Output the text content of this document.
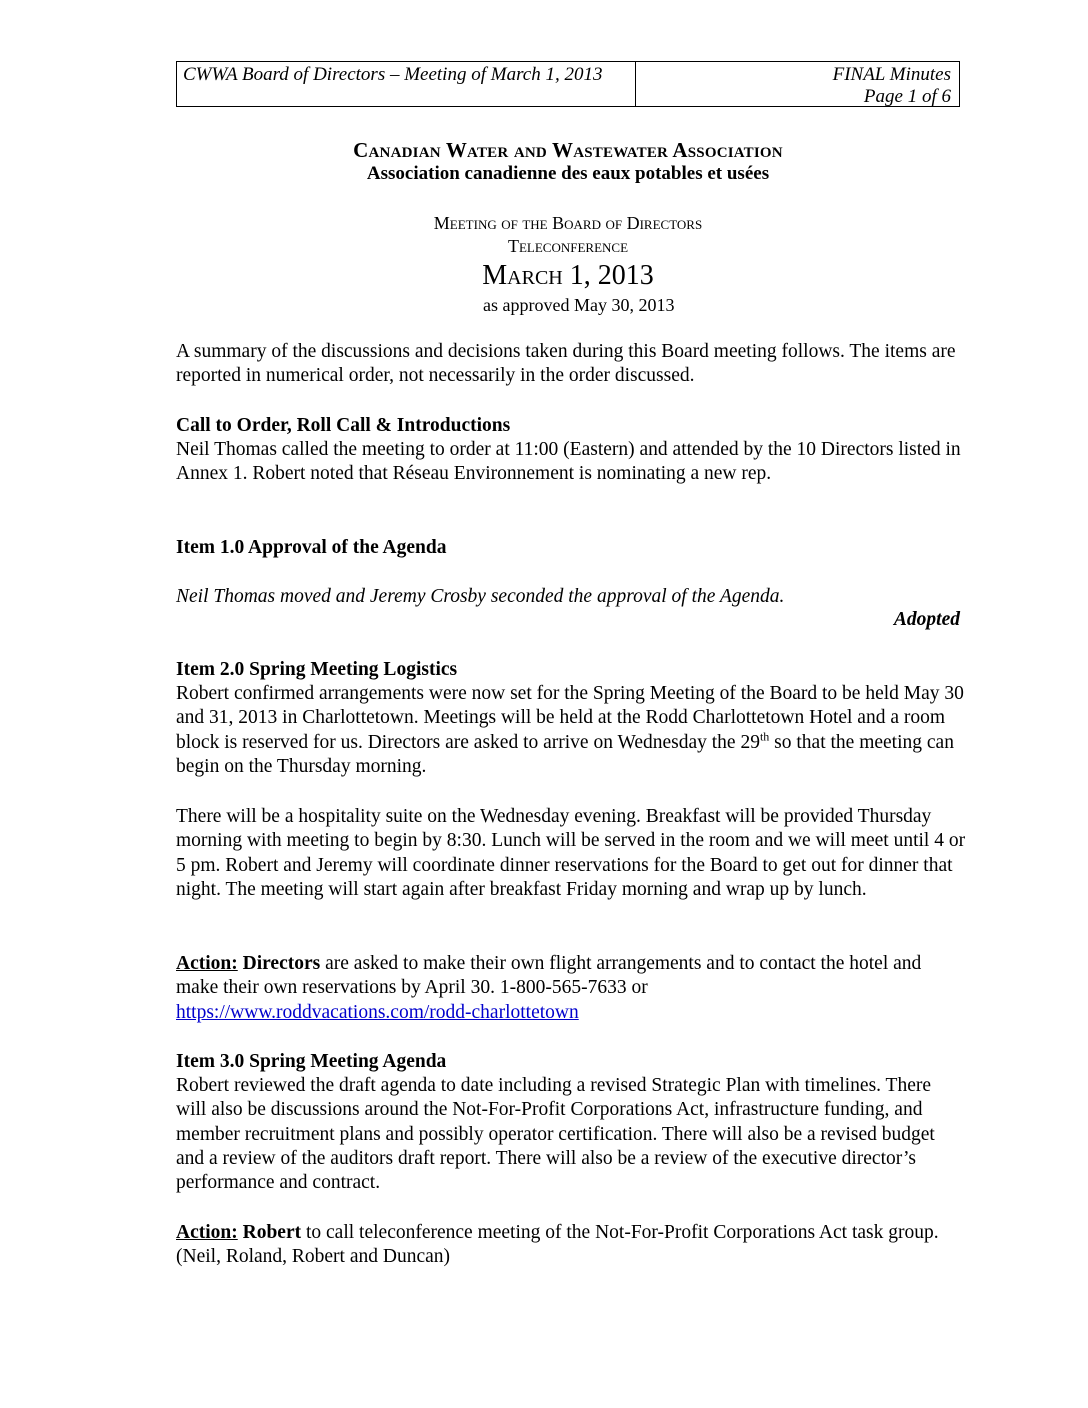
CWWA Board of Directors – Meeting of March 1, 2013	FINAL Minutes
Page 1 of 6
Canadian Water and Wastewater Association
Association canadienne des eaux potables et usées
Meeting of the Board of Directors
Teleconference
March 1, 2013
as approved May 30, 2013

A summary of the discussions and decisions taken during this Board meeting follows. The items are reported in numerical order, not necessarily in the order discussed.

Call to Order, Roll Call & Introductions

Neil Thomas called the meeting to order at 11:00 (Eastern) and attended by the 10 Directors listed in Annex 1. Robert noted that Réseau Environnement is nominating a new rep.

Item 1.0 Approval of the Agenda

Neil Thomas moved and Jeremy Crosby seconded the approval of the Agenda.

Adopted

Item 2.0 Spring Meeting Logistics

Robert confirmed arrangements were now set for the Spring Meeting of the Board to be held May 30 and 31, 2013 in Charlottetown. Meetings will be held at the Rodd Charlottetown Hotel and a room block is reserved for us. Directors are asked to arrive on Wednesday the 29th so that the meeting can begin on the Thursday morning.

There will be a hospitality suite on the Wednesday evening. Breakfast will be provided Thursday morning with meeting to begin by 8:30. Lunch will be served in the room and we will meet until 4 or 5 pm. Robert and Jeremy will coordinate dinner reservations for the Board to get out for dinner that night. The meeting will start again after breakfast Friday morning and wrap up by lunch.

Action: Directors are asked to make their own flight arrangements and to contact the hotel and make their own reservations by April 30. 1-800-565-7633 or
https://www.roddvacations.com/rodd-charlottetown

Item 3.0 Spring Meeting Agenda

Robert reviewed the draft agenda to date including a revised Strategic Plan with timelines. There will also be discussions around the Not-For-Profit Corporations Act, infrastructure funding, and member recruitment plans and possibly operator certification. There will also be a revised budget and a review of the auditors draft report. There will also be a review of the executive director’s performance and contract.

Action: Robert to call teleconference meeting of the Not-For-Profit Corporations Act task group. (Neil, Roland, Robert and Duncan)
